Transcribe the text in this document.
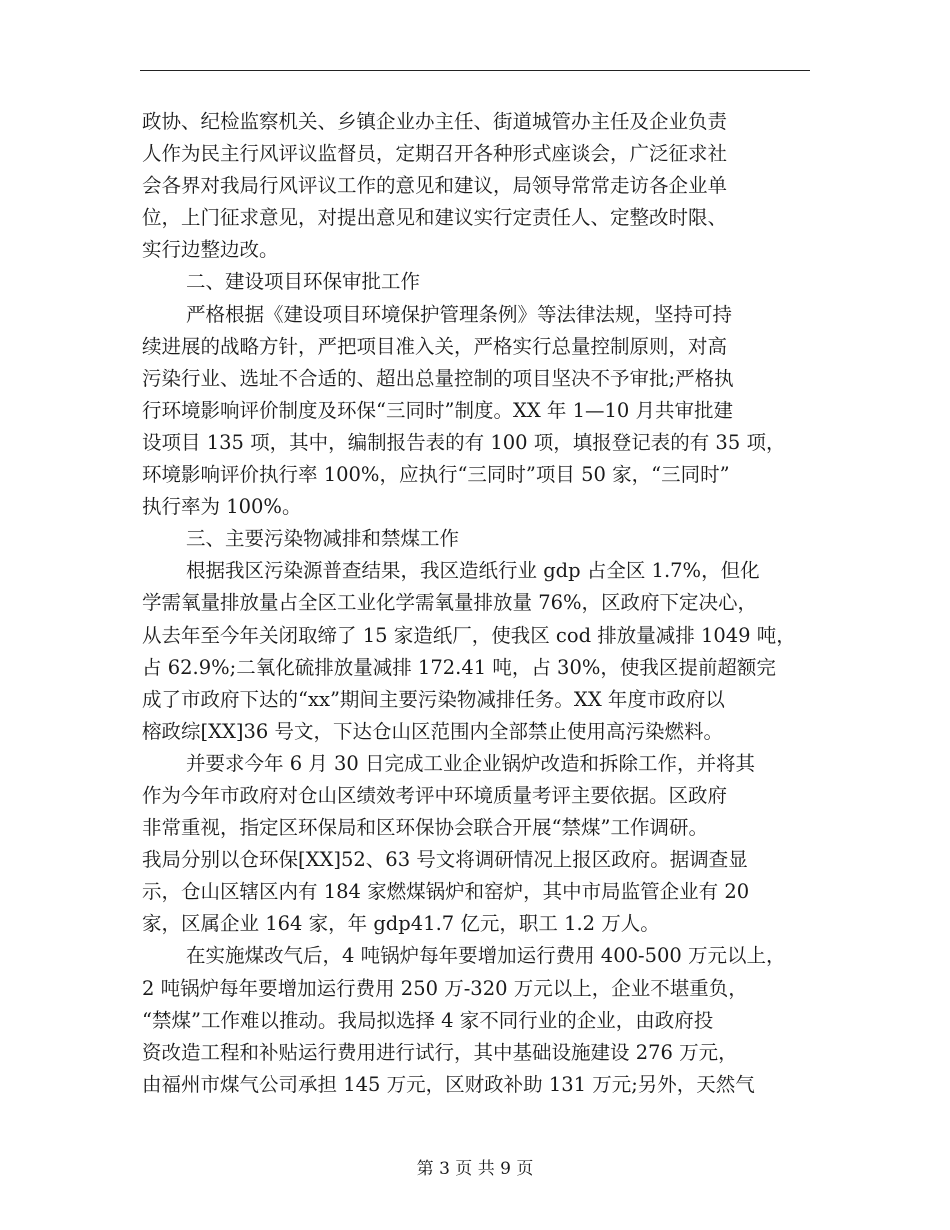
政协、纪检监察机关、乡镇企业办主任、街道城管办主任及企业负责
人作为民主行风评议监督员，定期召开各种形式座谈会，广泛征求社
会各界对我局行风评议工作的意见和建议，局领导常常走访各企业单
位，上门征求意见，对提出意见和建议实行定责任人、定整改时限、
实行边整边改。
二、建设项目环保审批工作
严格根据《建设项目环境保护管理条例》等法律法规，坚持可持
续进展的战略方针，严把项目准入关，严格实行总量控制原则，对高
污染行业、选址不合适的、超出总量控制的项目坚决不予审批;严格执
行环境影响评价制度及环保“三同时”制度。XX 年 1—10 月共审批建
设项目 135 项，其中，编制报告表的有 100 项，填报登记表的有 35 项，
环境影响评价执行率 100%，应执行“三同时”项目 50 家，“三同时”
执行率为 100%。
三、主要污染物减排和禁煤工作
根据我区污染源普查结果，我区造纸行业 gdp 占全区 1.7%，但化
学需氧量排放量占全区工业化学需氧量排放量 76%，区政府下定决心，
从去年至今年关闭取缔了 15 家造纸厂，使我区 cod 排放量减排 1049 吨，
占 62.9%;二氧化硫排放量减排 172.41 吨，占 30%，使我区提前超额完
成了市政府下达的“xx”期间主要污染物减排任务。XX 年度市政府以
榕政综[XX]36 号文，下达仓山区范围内全部禁止使用高污染燃料。
并要求今年 6 月 30 日完成工业企业锅炉改造和拆除工作，并将其
作为今年市政府对仓山区绩效考评中环境质量考评主要依据。区政府
非常重视，指定区环保局和区环保协会联合开展“禁煤”工作调研。
我局分别以仓环保[XX]52、63 号文将调研情况上报区政府。据调查显
示，仓山区辖区内有 184 家燃煤锅炉和窑炉，其中市局监管企业有 20
家，区属企业 164 家，年 gdp41.7 亿元，职工 1.2 万人。
在实施煤改气后，4 吨锅炉每年要增加运行费用 400-500 万元以上，
2 吨锅炉每年要增加运行费用 250 万-320 万元以上，企业不堪重负，
“禁煤”工作难以推动。我局拟选择 4 家不同行业的企业，由政府投
资改造工程和补贴运行费用进行试行，其中基础设施建设 276 万元，
由福州市煤气公司承担 145 万元，区财政补助 131 万元;另外，天然气
第 3 页 共 9 页
